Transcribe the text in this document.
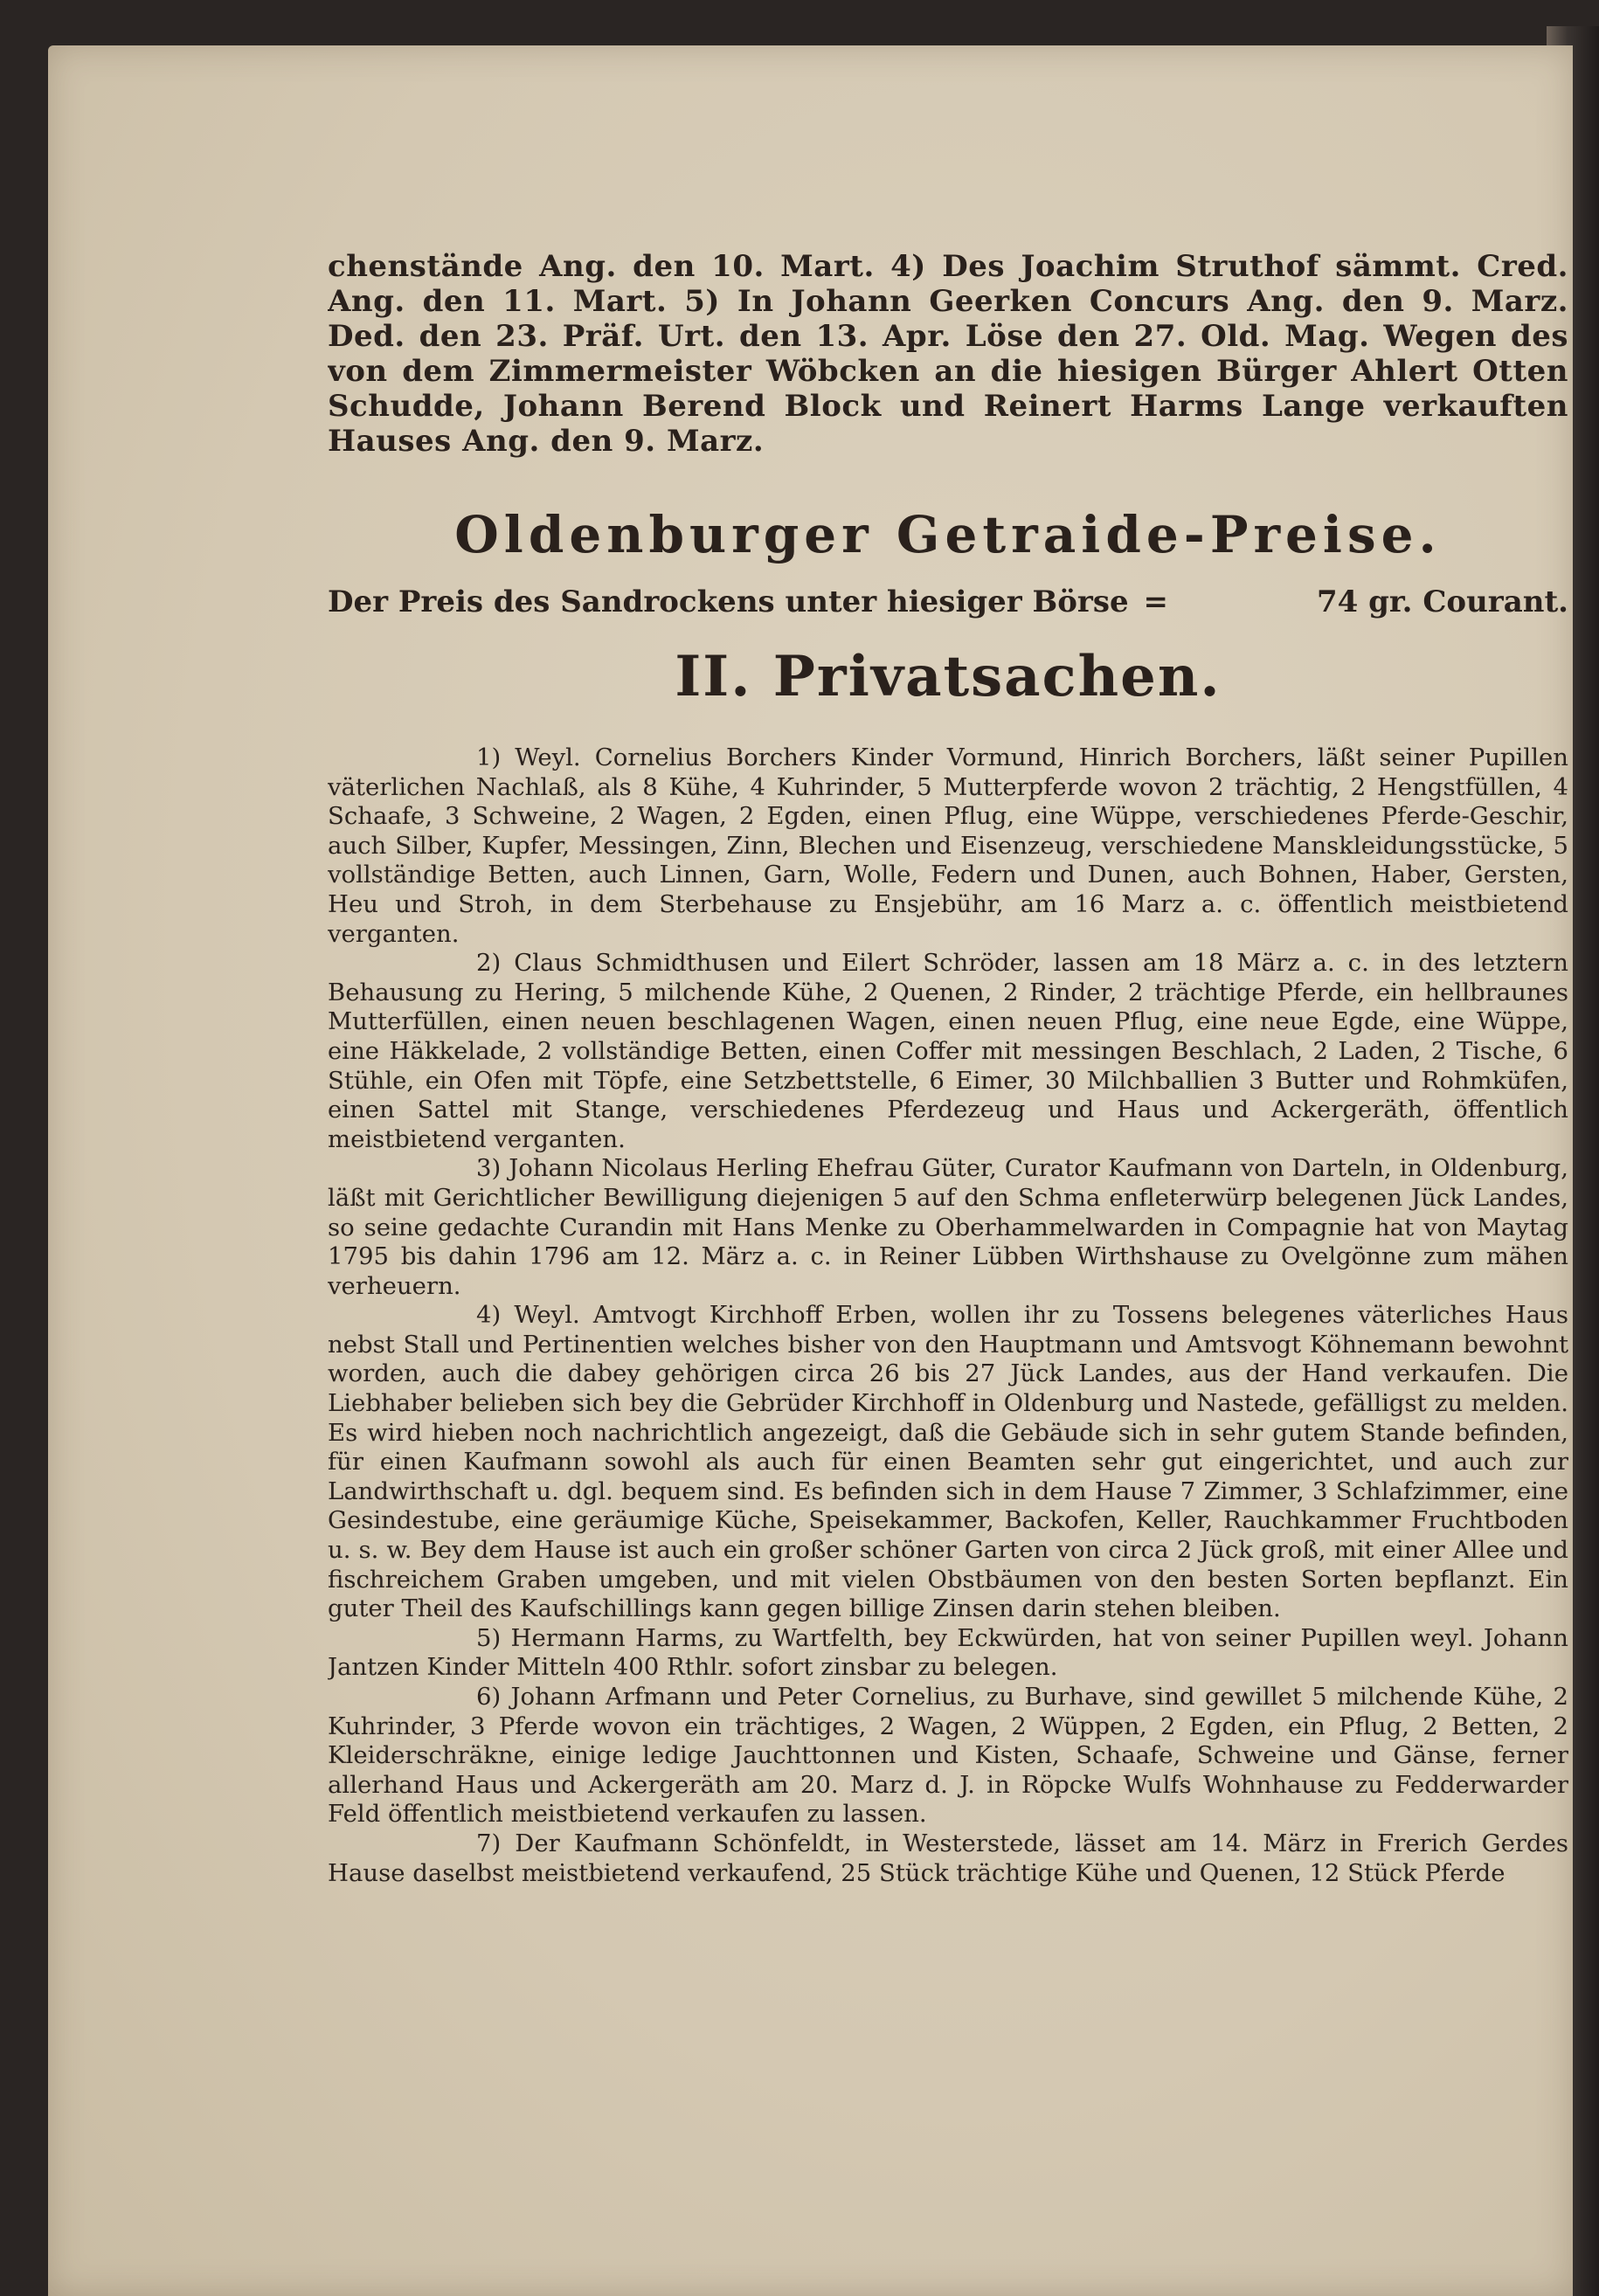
chenstände Ang. den 10. Mart. 4) Des Joachim Struthof sämmt. Cred. Ang. den 11. Mart. 5) In Johann Geerken Concurs Ang. den 9. Marz. Ded. den 23. Präf. Urt. den 13. Apr. Löse den 27. Old. Mag. Wegen des von dem Zimmermeister Wöbcken an die hiesigen Bürger Ahlert Otten Schudde, Johann Berend Block und Reinert Harms Lange verkauften Hauses Ang. den 9. Marz.

Oldenburger Getraide-Preise.
Der Preis des Sandrockens unter hiesiger Börse =	74 gr. Courant.
II. Privatsachen.

1) Weyl. Cornelius Borchers Kinder Vormund, Hinrich Borchers, läßt seiner Pupillen väterlichen Nachlaß, als 8 Kühe, 4 Kuhrinder, 5 Mutterpferde wovon 2 trächtig, 2 Hengstfüllen, 4 Schaafe, 3 Schweine, 2 Wagen, 2 Egden, einen Pflug, eine Wüppe, verschiedenes Pferde-Geschir, auch Silber, Kupfer, Messingen, Zinn, Blechen und Eisenzeug, verschiedene Manskleidungsstücke, 5 vollständige Betten, auch Linnen, Garn, Wolle, Federn und Dunen, auch Bohnen, Haber, Gersten, Heu und Stroh, in dem Sterbehause zu Ensjebühr, am 16 Marz a. c. öffentlich meistbietend verganten.

2) Claus Schmidthusen und Eilert Schröder, lassen am 18 März a. c. in des letztern Behausung zu Hering, 5 milchende Kühe, 2 Quenen, 2 Rinder, 2 trächtige Pferde, ein hellbraunes Mutterfüllen, einen neuen beschlagenen Wagen, einen neuen Pflug, eine neue Egde, eine Wüppe, eine Häkkelade, 2 vollständige Betten, einen Coffer mit messingen Beschlach, 2 Laden, 2 Tische, 6 Stühle, ein Ofen mit Töpfe, eine Setzbettstelle, 6 Eimer, 30 Milchballien 3 Butter und Rohmküfen, einen Sattel mit Stange, verschiedenes Pferdezeug und Haus und Ackergeräth, öffentlich meistbietend verganten.

3) Johann Nicolaus Herling Ehefrau Güter, Curator Kaufmann von Darteln, in Oldenburg, läßt mit Gerichtlicher Bewilligung diejenigen 5 auf den Schma enfleterwürp belegenen Jück Landes, so seine gedachte Curandin mit Hans Menke zu Oberhammelwarden in Compagnie hat von Maytag 1795 bis dahin 1796 am 12. März a. c. in Reiner Lübben Wirthshause zu Ovelgönne zum mähen verheuern.

4) Weyl. Amtvogt Kirchhoff Erben, wollen ihr zu Tossens belegenes väterliches Haus nebst Stall und Pertinentien welches bisher von den Hauptmann und Amtsvogt Köhnemann bewohnt worden, auch die dabey gehörigen circa 26 bis 27 Jück Landes, aus der Hand verkaufen. Die Liebhaber belieben sich bey die Gebrüder Kirchhoff in Oldenburg und Nastede, gefälligst zu melden. Es wird hieben noch nachrichtlich angezeigt, daß die Gebäude sich in sehr gutem Stande befinden, für einen Kaufmann sowohl als auch für einen Beamten sehr gut eingerichtet, und auch zur Landwirthschaft u. dgl. bequem sind. Es befinden sich in dem Hause 7 Zimmer, 3 Schlafzimmer, eine Gesindestube, eine geräumige Küche, Speisekammer, Backofen, Keller, Rauchkammer Fruchtboden u. s. w. Bey dem Hause ist auch ein großer schöner Garten von circa 2 Jück groß, mit einer Allee und fischreichem Graben umgeben, und mit vielen Obstbäumen von den besten Sorten bepflanzt. Ein guter Theil des Kaufschillings kann gegen billige Zinsen darin stehen bleiben.

5) Hermann Harms, zu Wartfelth, bey Eckwürden, hat von seiner Pupillen weyl. Johann Jantzen Kinder Mitteln 400 Rthlr. sofort zinsbar zu belegen.

6) Johann Arfmann und Peter Cornelius, zu Burhave, sind gewillet 5 milchende Kühe, 2 Kuhrinder, 3 Pferde wovon ein trächtiges, 2 Wagen, 2 Wüppen, 2 Egden, ein Pflug, 2 Betten, 2 Kleiderschräkne, einige ledige Jauchttonnen und Kisten, Schaafe, Schweine und Gänse, ferner allerhand Haus und Ackergeräth am 20. Marz d. J. in Röpcke Wulfs Wohnhause zu Fedderwarder Feld öffentlich meistbietend verkaufen zu lassen.

7) Der Kaufmann Schönfeldt, in Westerstede, lässet am 14. März in Frerich Gerdes Hause daselbst meistbietend verkaufend, 25 Stück trächtige Kühe und Quenen, 12 Stück Pferde
